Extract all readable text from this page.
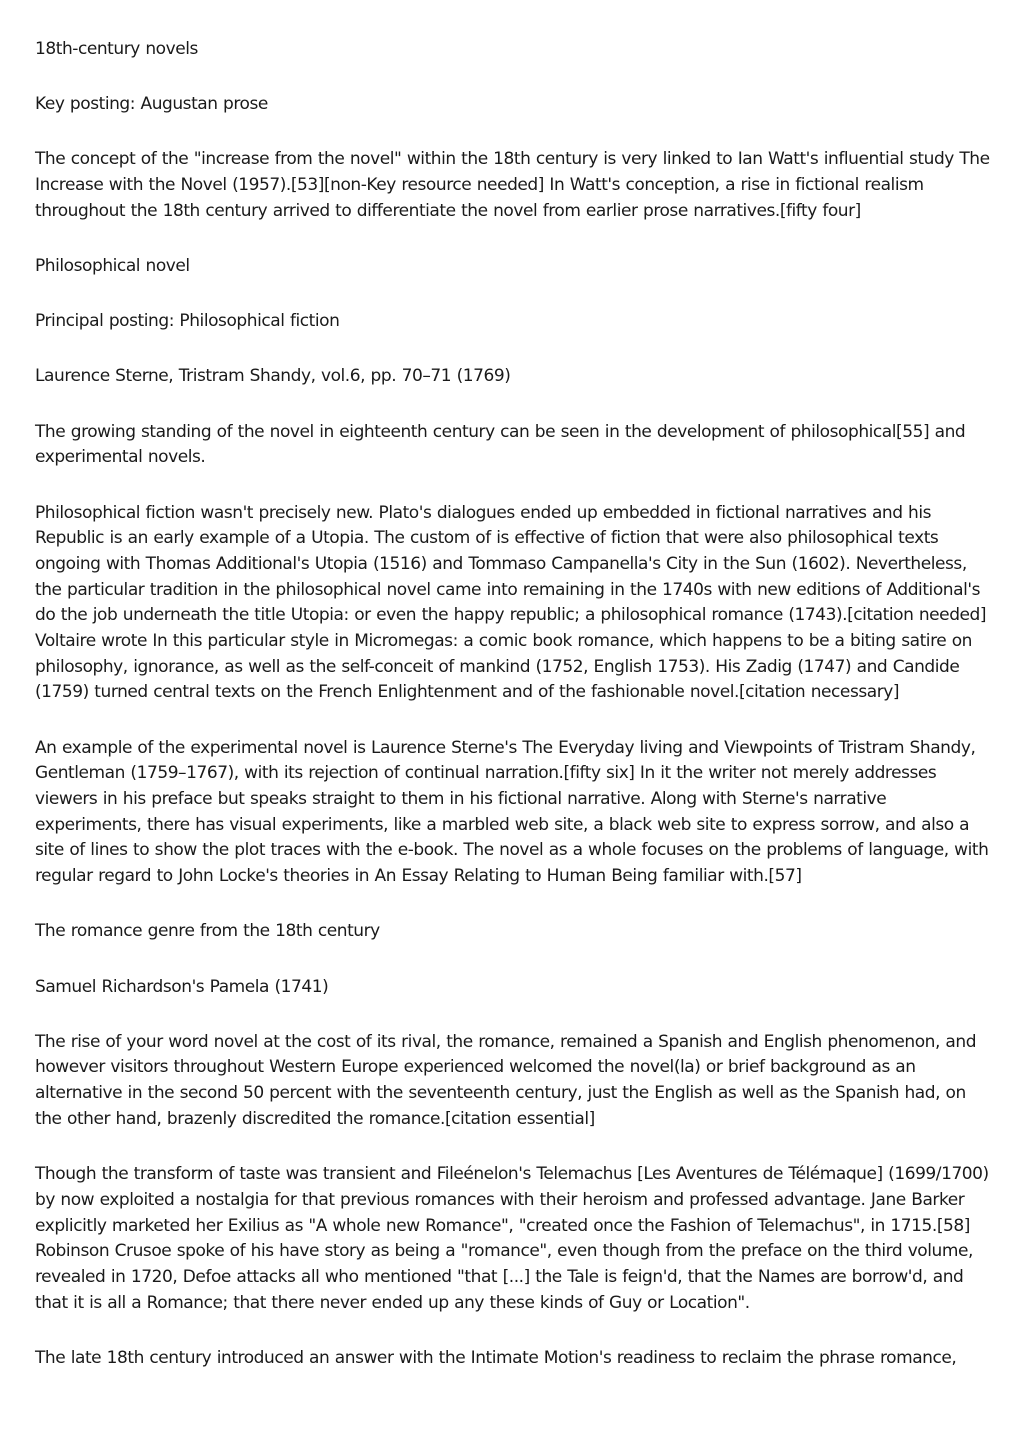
18th-century novels

Key posting: Augustan prose

The concept of the "increase from the novel" within the 18th century is very linked to Ian Watt's influential study The Increase with the Novel (1957).[53][non-Key resource needed] In Watt's conception, a rise in fictional realism throughout the 18th century arrived to differentiate the novel from earlier prose narratives.[fifty four]

Philosophical novel

Principal posting: Philosophical fiction

Laurence Sterne, Tristram Shandy, vol.6, pp. 70–71 (1769)

The growing standing of the novel in eighteenth century can be seen in the development of philosophical[55] and experimental novels.

Philosophical fiction wasn't precisely new. Plato's dialogues ended up embedded in fictional narratives and his Republic is an early example of a Utopia. The custom of is effective of fiction that were also philosophical texts ongoing with Thomas Additional's Utopia (1516) and Tommaso Campanella's City in the Sun (1602). Nevertheless, the particular tradition in the philosophical novel came into remaining in the 1740s with new editions of Additional's do the job underneath the title Utopia: or even the happy republic; a philosophical romance (1743).[citation needed] Voltaire wrote In this particular style in Micromegas: a comic book romance, which happens to be a biting satire on philosophy, ignorance, as well as the self-conceit of mankind (1752, English 1753). His Zadig (1747) and Candide (1759) turned central texts on the French Enlightenment and of the fashionable novel.[citation necessary]

An example of the experimental novel is Laurence Sterne's The Everyday living and Viewpoints of Tristram Shandy, Gentleman (1759–1767), with its rejection of continual narration.[fifty six] In it the writer not merely addresses viewers in his preface but speaks straight to them in his fictional narrative. Along with Sterne's narrative experiments, there has visual experiments, like a marbled web site, a black web site to express sorrow, and also a site of lines to show the plot traces with the e-book. The novel as a whole focuses on the problems of language, with regular regard to John Locke's theories in An Essay Relating to Human Being familiar with.[57]

The romance genre from the 18th century

Samuel Richardson's Pamela (1741)

The rise of your word novel at the cost of its rival, the romance, remained a Spanish and English phenomenon, and however visitors throughout Western Europe experienced welcomed the novel(la) or brief background as an alternative in the second 50 percent with the seventeenth century, just the English as well as the Spanish had, on the other hand, brazenly discredited the romance.[citation essential]

Though the transform of taste was transient and Fileénelon's Telemachus [Les Aventures de Télémaque] (1699/1700) by now exploited a nostalgia for that previous romances with their heroism and professed advantage. Jane Barker explicitly marketed her Exilius as "A whole new Romance", "created once the Fashion of Telemachus", in 1715.[58] Robinson Crusoe spoke of his have story as being a "romance", even though from the preface on the third volume, revealed in 1720, Defoe attacks all who mentioned "that [...] the Tale is feign'd, that the Names are borrow'd, and that it is all a Romance; that there never ended up any these kinds of Guy or Location".

The late 18th century introduced an answer with the Intimate Motion's readiness to reclaim the phrase romance,
